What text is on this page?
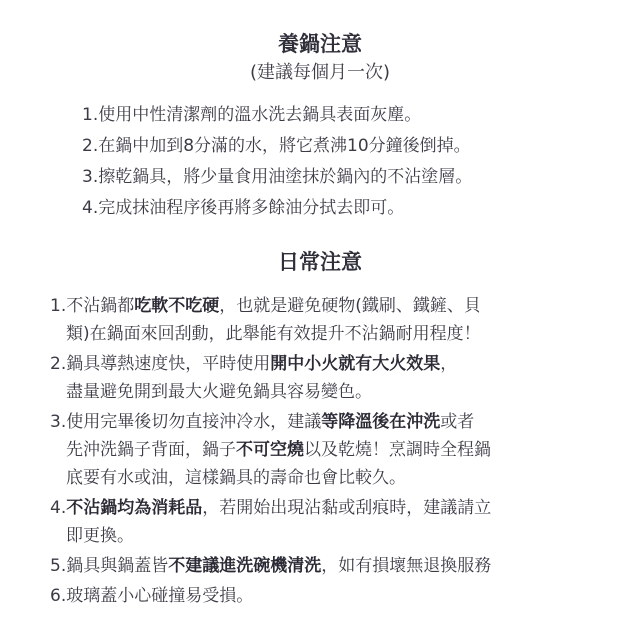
養鍋注意

(建議每個月一次)

1.使用中性清潔劑的溫水洗去鍋具表面灰塵。
2.在鍋中加到8分滿的水，將它煮沸10分鐘後倒掉。
3.擦乾鍋具，將少量食用油塗抹於鍋內的不沾塗層。
4.完成抹油程序後再將多餘油分拭去即可。
日常注意
1.不沾鍋都吃軟不吃硬，也就是避免硬物(鐵刷、鐵鏟、貝
類)在鍋面來回刮動，此舉能有效提升不沾鍋耐用程度！
2.鍋具導熱速度快，平時使用開中小火就有大火效果，
盡量避免開到最大火避免鍋具容易變色。
3.使用完畢後切勿直接沖冷水，建議等降溫後在沖洗或者
先沖洗鍋子背面，鍋子不可空燒以及乾燒！烹調時全程鍋
底要有水或油，這樣鍋具的壽命也會比較久。
4.不沾鍋均為消耗品，若開始出現沾黏或刮痕時，建議請立
即更換。
5.鍋具與鍋蓋皆不建議進洗碗機清洗，如有損壞無退換服務
6.玻璃蓋小心碰撞易受損。
